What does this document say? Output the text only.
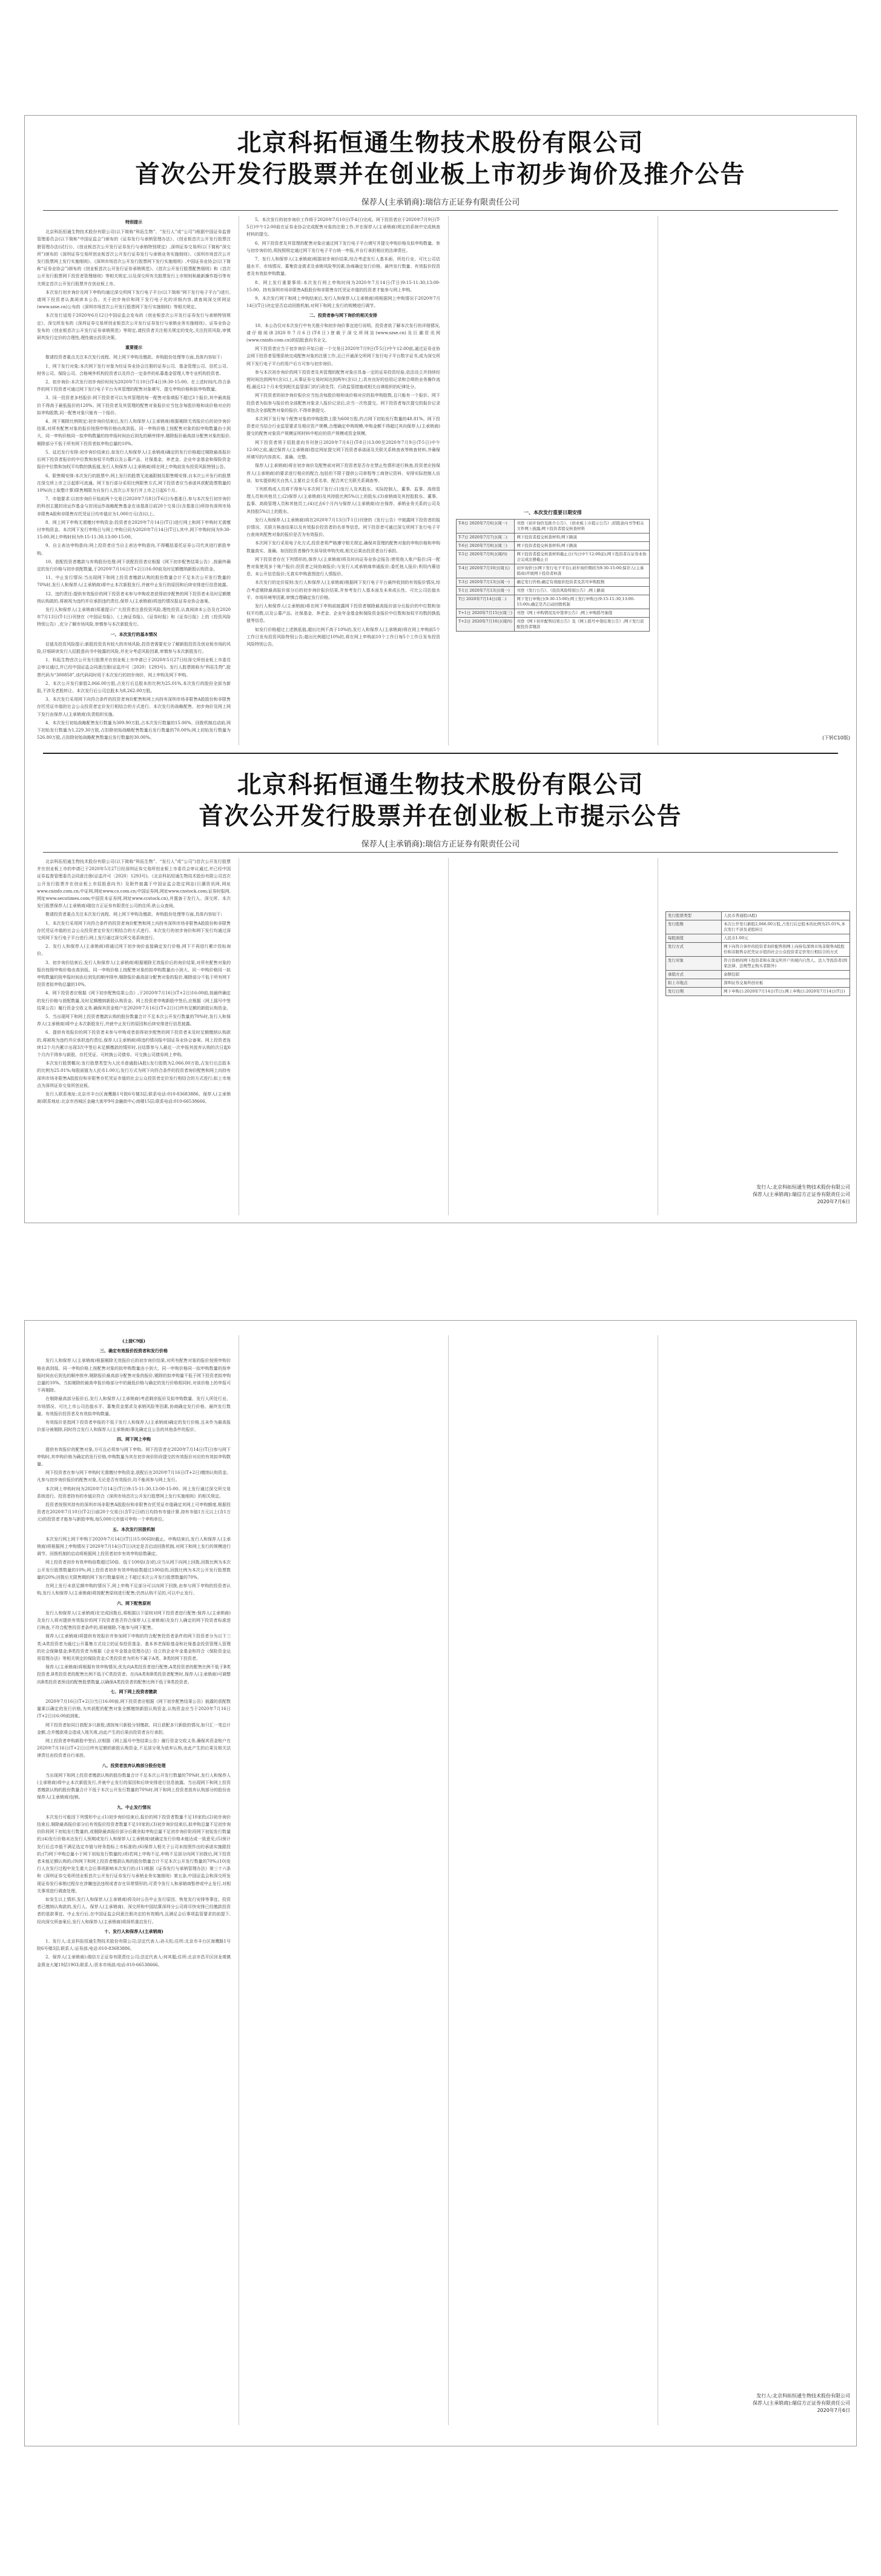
北京科拓恒通生物技术股份有限公司
首次公开发行股票并在创业板上市初步询价及推介公告
保荐人(主承销商):瑞信方正证券有限责任公司

特别提示

北京科拓恒通生物技术股份有限公司(以下简称“科拓生物”、“发行人”或“公司”)根据中国证券监督管理委员会(以下简称“中国证监会”)颁布的《证券发行与承销管理办法》、《创业板首次公开发行股票注册管理办法(试行)》、《创业板首次公开发行证券发行与承销特别规定》,深圳证券交易所(以下简称“深交所”)颁布的《深圳证券交易所创业板首次公开发行证券发行与承销业务实施细则》、《深圳市场首次公开发行股票网上发行实施细则》、《深圳市场首次公开发行股票网下发行实施细则》,中国证券业协会(以下简称“证券业协会”)颁布的《创业板首次公开发行证券承销规范》、《首次公开发行股票配售细则》和《首次公开发行股票网下投资者管理细则》等相关规定,以及深交所有关股票发行上市规则和最新操作指引等有关规定首次公开发行股票并在创业板上市。

本次发行初步询价及网下申购均通过深交所网下发行电子平台(以下简称“网下发行电子平台”)进行,请网下投资者认真阅读本公告。关于初步询价和网下发行电子化的详细内容,请查阅深交所网站(www.szse.cn)公布的《深圳市场首次公开发行股票网下发行实施细则》等相关规定。

本次发行适用于2020年6月12日中国证监会发布的《创业板首次公开发行证券发行与承销特别规定》、深交所发布的《深圳证券交易所创业板首次公开发行证券发行与承销业务实施细则》、证券业协会发布的《创业板首次公开发行证券承销规范》等规定,请投资者关注相关规定的变化,关注投资风险,审慎研判发行定价的合理性,理性做出投资决策。

重要提示

敬请投资者重点关注本次发行流程、网上网下申购及缴款、弃购股份处理等方面,具体内容如下:

1、网下发行对象:本次网下发行对象为经证券业协会注册的证券公司、基金管理公司、信托公司、财务公司、保险公司、合格境外机构投资者以及符合一定条件的私募基金管理人等专业机构投资者。

2、初步询价:本次发行初步询价时间为2020年7月10日(T-4日)9:30-15:00。在上述时间内,符合条件的网下投资者可通过网下发行电子平台为其管理的配售对象填写、提交申购价格和拟申购数量。

3、同一投资者多档报价:网下投资者可以为其管理的每一配售对象填报不超过3个报价,其中最高报价不得高于最低报价的120%。网下投资者及其管理的配售对象报价应当包含每股价格和该价格对应的拟申购股数,同一配售对象只能有一个报价。

4、网下剔除比例规定:初步询价结束后,发行人和保荐人(主承销商)根据剔除无效报价后的初步询价结果,对所有配售对象的报价按照申购价格由高到低、同一申购价格上按配售对象的拟申购数量由小到大、同一申购价格同一拟申购数量的按申报时间由后到先的顺序排序,剔除报价最高部分配售对象的报价,剔除部分不低于所有网下投资者拟申购总量的10%。

5、延迟发行安排:初步询价结束后,如发行人和保荐人(主承销商)确定的发行价格超过剔除最高报价后网下投资者报价的中位数和加权平均数以及公募产品、社保基金、养老金、企业年金基金和保险资金报价中位数和加权平均数的孰低值,发行人和保荐人(主承销商)将在网上申购前发布投资风险特别公告。

6、限售期安排:本次发行的股票中,网上发行的股票无流通限制及限售期安排,自本次公开发行的股票在深交所上市之日起即可流通。网下发行部分采用比例限售方式,网下投资者应当承诺其获配股票数量的10%(向上取整计算)限售期限为自发行人首次公开发行并上市之日起6个月。

7、市值要求:以初步询价开始前两个交易日2020年7月8日(T-6日)为基准日,参与本次发行初步询价的科创主题封闭运作基金与封闭运作战略配售基金在该基准日前20个交易日(含基准日)所持有深圳市场非限售A股和非限售存托凭证日均市值应为1,000万元(含)以上。

8、网上网下申购无需缴付申购资金:投资者在2020年7月14日(T日)进行网上和网下申购时无需缴付申购资金。本次网下发行申购日与网上申购日同为2020年7月14日(T日),其中,网下申购时间为9:30-15:00,网上申购时间为9:15-11:30,13:00-15:00。

9、自主表达申购意向:网上投资者应当自主表达申购意向,不得概括委托证券公司代其进行新股申购。

10、获配投资者缴款与弃购股份处理:网下获配投资者应根据《网下初步配售结果公告》,按最终确定的发行价格与初步获配数量,于2020年7月16日(T+2日)16:00前及时足额缴纳新股认购资金。

11、中止发行情况:当出现网下和网上投资者缴款认购的股份数量合计不足本次公开发行数量的70%时,发行人和保荐人(主承销商)将中止本次新股发行,并就中止发行的原因和后续安排进行信息披露。

12、违约责任:提供有效报价的网下投资者未参与申购或者获得初步配售的网下投资者未及时足额缴纳认购款的,将被视为违约并应承担违约责任,保荐人(主承销商)将违约情况报证券业协会备案。

发行人和保荐人(主承销商)郑重提示广大投资者注意投资风险,理性投资,认真阅读本公告及在2020年7月13日(T-1日)刊登在《中国证券报》、《上海证券报》、《证券时报》和《证券日报》上的《投资风险特别公告》,充分了解市场风险,审慎参与本次新股发行。

一、本次发行的基本情况

估值及投资风险提示:新股投资具有较大的市场风险,投资者需要充分了解新股投资及创业板市场的风险,仔细研读发行人招股意向书中披露的风险,并充分考虑风险因素,审慎参与本次新股发行。

1、科拓生物首次公开发行股票并在创业板上市申请已于2020年5月27日经深交所创业板上市委员会审议通过,并已经中国证监会同意注册(证监许可〔2020〕1293号)。发行人股票简称为“科拓生物”,股票代码为“300858”,该代码同时用于本次发行的初步询价、网上申购及网下申购。

2、本次公开发行新股2,066.00万股,占发行后总股本的比例为25.01%,本次发行的股份全部为新股,不涉及老股转让。本次发行后公司总股本为8,262.00万股。

3、本次发行采用网下向符合条件的投资者询价配售和网上向持有深圳市场非限售A股股份和非限售存托凭证市值的社会公众投资者定价发行相结合的方式进行。本次发行的战略配售、初步询价及网上网下发行由保荐人(主承销商)负责组织实施。

4、本次发行初始战略配售发行数量为309.90万股,占本次发行数量的15.00%。回拨机制启动前,网下初始发行数量为1,229.30万股,占扣除初始战略配售数量后发行数量的70.00%;网上初始发行数量为526.80万股,占扣除初始战略配售数量后发行数量的30.00%。

5、本次发行的初步询价工作将于2020年7月10日(T-4日)完成。网下投资者应于2020年7月9日(T-5日)中午12:00前在证券业协会完成配售对象的注册工作,并在保荐人(主承销商)规定的系统中完成核查材料的提交。

6、网下投资者及其管理的配售对象应通过网下发行电子平台填写并提交申购价格及拟申购数量。参与初步询价的,须按照规定通过网下发行电子平台统一申报,并自行承担相应的法律责任。

7、发行人和保荐人(主承销商)根据初步询价结果,综合考虑发行人基本面、所处行业、可比公司估值水平、市场情况、募集资金需求及承销风险等因素,协商确定发行价格、最终发行数量、有效报价投资者及有效拟申购数量。

8、网上发行重要事项:本次发行网上申购时间为2020年7月14日(T日)9:15-11:30,13:00-15:00。持有深圳市场非限售A股股份和非限售存托凭证市值的投资者才能参与网上申购。

9、本次发行网下和网上申购结束后,发行人和保荐人(主承销商)将根据网上申购情况于2020年7月14日(T日)决定是否启动回拨机制,对网下和网上发行的规模进行调节。

二、投资者参与网下询价的相关安排

10、本公告仅对本次发行中有关推介和初步询价事宜进行说明。投资者欲了解本次发行的详细情况,请仔细阅读2020年7月6日(T-8日)登载于深交所网站(www.szse.cn)及巨潮资讯网(www.cninfo.com.cn)的招股意向书全文。

网下投资者应当于初步询价开始日前一个交易日2020年7月9日(T-5日)中午12:00前,通过证券业协会网下投资者管理系统完成配售对象的注册工作,且已开通深交所网下发行电子平台数字证书,成为深交所网下发行电子平台的用户后方可参与初步询价。

参与本次初步询价的网下投资者及其管理的配售对象应具备一定的证券投资经验,依法设立并持续经营时间达到两年(含)以上,从事证券交易时间达到两年(含)以上;具有良好的信用记录和合规的业务操作流程,最近12个月未受到相关监管部门的行政处罚、行政监管措施或相关自律组织的纪律处分。

网下投资者的初步询价报价应当包含每股价格和该价格对应的拟申购股数,且只能有一个报价。网下投资者为拟参与报价的全部配售对象录入报价记录后,应当一次性提交。网下投资者每次提交的报价记录须包含全部配售对象的报价,不得单独提交。

本次网下发行每个配售对象的申购股数上限为600万股,约占网下初始发行数量的48.81%。网下投资者应当结合行业监管要求及相应资产规模,合理确定申购规模,申购金额不得超过其向保荐人(主承销商)提交的配售对象资产规模证明材料中相应的资产规模或资金规模。

网下投资者须于招股意向书刊登日2020年7月6日(T-8日)13:00至2020年7月9日(T-5日)中午12:00之前,通过保荐人(主承销商)指定网址提交网下投资者承诺函及关联关系核查表等核查材料,并确保所填写的内容真实、准确、完整。

保荐人(主承销商)将在初步询价及配售前对网下投资者是否存在禁止性情形进行核查,投资者应按保荐人(主承销商)的要求进行相应的配合,包括但不限于提供公司章程等工商登记资料、安排实际控制人访谈、如实提供相关自然人主要社会关系名单、配合其它关联关系调查等。

下列机构或人员将不得参与本次网下发行:(1)发行人及其股东、实际控制人、董事、监事、高级管理人员和其他员工;(2)保荐人(主承销商)及其持股比例5%以上的股东;(3)承销商及其控股股东、董事、监事、高级管理人员和其他员工;(4)过去6个月内与保荐人(主承销商)存在保荐、承销业务关系的公司及其持股5%以上的股东。

发行人和保荐人(主承销商)将在2020年7月13日(T-1日)刊登的《发行公告》中披露网下投资者的报价情况、关联方核查结果以及有效报价投资者的名单等信息。网下投资者可通过深交所网下发行电子平台查询其配售对象的报价是否为有效报价。

本次网下发行采用电子化方式,投资者须严格遵守相关规定,确保其管理的配售对象的申购价格和申购数量真实、准确。如因投资者操作失误导致申购失败,相关后果由投资者自行承担。

网下投资者存在下列情形的,保荐人(主承销商)将及时向证券业协会报告:使用他人账户报价;同一配售对象使用多个账户报价;投资者之间协商报价;与发行人或承销商串通报价;委托他人报价;利用内幕信息、未公开信息报价;无真实申购意图进行人情报价。

本次发行的定价原则:发行人和保荐人(主承销商)根据网下发行电子平台最终收到的有效报价情况,综合考虑剔除最高报价部分后的初步询价报价结果,并参考发行人基本面及未来成长性、可比公司估值水平、市场环境等因素,审慎合理确定发行价格。

发行人和保荐人(主承销商)将在网下申购前披露网下投资者剔除最高报价部分后报价的中位数和加权平均数,以及公募产品、社保基金、养老金、企业年金基金和保险资金报价中位数和加权平均数的孰低值等信息。

如发行价格超过上述孰低值,超出比例不高于10%的,发行人和保荐人(主承销商)将在网上申购前5个工作日发布投资风险特别公告;超出比例超过10%的,将在网上申购前10个工作日每5个工作日发布投资风险特别公告。

一、本次发行重要日期安排
T-8日 2020年7月6日(周一)	刊登《初步询价及推介公告》、《创业板上市提示公告》;招股意向书等相关文件网上披露;网下投资者提交核查材料
T-7日 2020年7月7日(周二)	网下投资者提交核查材料;网下路演
T-6日 2020年7月8日(周三)	网下投资者提交核查材料;网下路演
T-5日 2020年7月9日(周四)	网下投资者提交核查材料截止日(当日中午12:00前);网下投资者在证券业协会完成注册截止日
T-4日 2020年7月10日(周五)	初步询价日(网下发行电子平台),初步询价期间为9:30-15:00;保荐人(主承销商)开展网下投资者核查
T-3日 2020年7月13日(周一)	确定发行价格;确定有效报价投资者及其可申购股数
T-1日 2020年7月13日(周一)	刊登《发行公告》、《投资风险特别公告》;网上路演
T日 2020年7月14日(周二)	网下发行申购日(9:30-15:00);网上发行申购日(9:15-11:30,13:00-15:00);确定是否启动回拨机制
T+1日 2020年7月15日(周三)	刊登《网上申购情况及中签率公告》;网上申购摇号抽签
T+2日 2020年7月16日(周四)	刊登《网下初步配售结果公告》及《网上摇号中签结果公告》;网下发行获配投资者缴款
(下转C10版)
北京科拓恒通生物技术股份有限公司
首次公开发行股票并在创业板上市提示公告
保荐人(主承销商):瑞信方正证券有限责任公司

北京科拓恒通生物技术股份有限公司(以下简称“科拓生物”、“发行人”或“公司”)首次公开发行股票并在创业板上市的申请已于2020年5月27日经深圳证券交易所创业板上市委员会审议通过,并已经中国证券监督管理委员会同意注册(证监许可〔2020〕1293号)。《北京科拓恒通生物技术股份有限公司首次公开发行股票并在创业板上市招股意向书》及附件披露于中国证监会指定网站(巨潮资讯网,网址www.cninfo.com.cn;中证网,网址www.cs.com.cn;中国证券网,网址www.cnstock.com;证券时报网,网址www.secutimes.com;中国资本证券网,网址www.ccstock.cn),并置备于发行人、深交所、本次发行股票保荐人(主承销商)瑞信方正证券有限责任公司的住所,供公众查阅。

敬请投资者重点关注本次发行流程、网上网下申购及缴款、弃购股份处理等方面,具体内容如下:

1、本次发行采用网下向符合条件的投资者询价配售和网上向持有深圳市场非限售A股股份和非限售存托凭证市值的社会公众投资者定价发行相结合的方式进行。本次发行的初步询价和网下发行均通过深交所网下发行电子平台进行;网上发行通过深交所交易系统进行。

2、发行人和保荐人(主承销商)将通过网下初步询价直接确定发行价格,网下不再进行累计投标询价。

3、初步询价结束后,发行人和保荐人(主承销商)根据剔除无效报价后的询价结果,对所有配售对象的报价按照申购价格由高到低、同一申购价格上按配售对象的拟申购数量由小到大、同一申购价格同一拟申购数量的按申报时间由后到先的顺序排序,剔除报价最高部分配售对象的报价,剔除部分不低于所有网下投资者拟申购总量的10%。

4、网下投资者应根据《网下初步配售结果公告》,于2020年7月16日(T+2日)16:00前,按最终确定的发行价格与获配数量,及时足额缴纳新股认购资金。网上投资者申购新股中签后,应根据《网上摇号中签结果公告》履行资金交收义务,确保其资金账户在2020年7月16日(T+2日)日终有足额的新股认购资金。

5、当出现网下和网上投资者缴款认购的股份数量合计不足本次公开发行数量的70%时,发行人和保荐人(主承销商)将中止本次新股发行,并就中止发行的原因和后续安排进行信息披露。

6、提供有效报价的网下投资者未参与申购或者获得初步配售的网下投资者未及时足额缴纳认购款的,将被视为违约并应承担违约责任,保荐人(主承销商)将违约情况报中国证券业协会备案。网上投资者连续12个月内累计出现3次中签后未足额缴款的情形时,自结算参与人最近一次申报其放弃认购的次日起6个月内不得参与新股、存托凭证、可转换公司债券、可交换公司债券网上申购。

本次发行股票概况:发行股票类型为人民币普通股(A股);发行股数为2,066.00万股,占发行后总股本的比例为25.01%;每股面值为人民币1.00元;发行方式为网下向符合条件的投资者询价配售和网上向持有深圳市场非限售A股股份和非限售存托凭证市值的社会公众投资者定价发行相结合的方式进行;拟上市地点为深圳证券交易所创业板。

发行人联系地址:北京市丰台区海鹰路1号院6号楼3层;联系电话:010-83683886。保荐人(主承销商)联系地址:北京市西城区金融大街甲9号金融街中心南楼15层;联系电话:010-66538666。

发行股票类型	人民币普通股(A股)
发行股数	本次公开发行新股2,066.00万股,占发行后总股本的比例为25.01%,本次发行不涉及老股转让
每股面值	人民币1.00元
发行方式	网下向符合条件的投资者询价配售和网上向持有深圳市场非限售A股股份和非限售存托凭证市值的社会公众投资者定价发行相结合的方式
发行对象	符合资格的网下投资者和在深交所开户的境内自然人、法人等投资者(国家法律、法规禁止购买者除外)
承销方式	余额包销
拟上市地点	深圳证券交易所创业板
发行日期	网下申购日:2020年7月14日(T日);网上申购日:2020年7月14日(T日)
发行人:北京科拓恒通生物技术股份有限公司
保荐人(主承销商):瑞信方正证券有限责任公司
2020年7月6日

(上接C9版)

三、确定有效报价投资者和发行价格

发行人和保荐人(主承销商)根据剔除无效报价后的初步询价结果,对所有配售对象的报价按照申购价格由高到低、同一申购价格上按配售对象的拟申购数量由小到大、同一申购价格同一拟申购数量的按申报时间由后到先的顺序排序,剔除报价最高部分配售对象的报价,剔除的拟申购量不低于网下投资者拟申购总量的10%。当拟剔除的最高申报价格部分中的最低价格与确定的发行价格相同时,对该价格上的申报可不再剔除。

在剔除最高部分报价后,发行人和保荐人(主承销商)考虑剩余报价及拟申购数量、发行人所处行业、市场情况、可比上市公司估值水平、募集资金需求及承销风险等因素,协商确定发行价格、最终发行数量、有效报价投资者及有效拟申购数量。

有效报价是指网下投资者申报的不低于发行人和保荐人(主承销商)确定的发行价格,且未作为最高报价部分被剔除,同时符合发行人和保荐人(主承销商)事先确定且公告的其他条件的报价。

四、网下网上申购

提供有效报价的配售对象,方可且必须参与网下申购。网下投资者在2020年7月14日(T日)参与网下申购时,其申购价格为确定的发行价格,申购数量为其在初步询价阶段提交的有效报价对应的有效拟申购数量。

网下投资者在参与网下申购时无需缴付申购资金,获配后在2020年7月16日(T+2日)缴纳认购资金。凡参与初步询价报价的配售对象,无论是否有效报价,均不能再参与网上发行。

本次网上申购时间为2020年7月14日(T日)9:15-11:30,13:00-15:00。网上发行通过深交所交易系统进行。投资者持有的市值应符合《深圳市场首次公开发行股票网上发行实施细则》的相关规定。

投资者按照其持有的深圳市场非限售A股股份和非限售存托凭证市值确定其网上可申购额度,根据投资者在2020年7月10日(T-2日)前20个交易日(含T-2日)的日均持有市值计算,持有市值1万元以上(含1万元)的投资者才能参与新股申购,每5,000元市值可申购一个申购单位。

五、本次发行回拨机制

本次发行网上网下申购于2020年7月14日(T日)15:00同时截止。申购结束后,发行人和保荐人(主承销商)将根据网上申购情况于2020年7月14日(T日)决定是否启动回拨机制,对网下和网上发行的规模进行调节。回拨机制的启动将根据网上投资者初步有效申购倍数确定。

网上投资者初步有效申购倍数超过50倍、低于100倍(含)的,应当从网下向网上回拨,回拨比例为本次公开发行股票数量的10%;网上投资者初步有效申购倍数超过100倍的,回拨比例为本次公开发行股票数量的20%;回拨后无限售期的网下发行数量原则上不超过本次公开发行股票数量的70%。

在网上发行未获足额申购的情况下,网上申购不足部分可以向网下回拨,由参与网下申购的投资者认购,发行人和保荐人(主承销商)将按配售原则进行配售;仍然认购不足的,可以中止发行。

六、网下配售原则

发行人和保荐人(主承销商)在完成回拨后,将根据以下原则对网下投资者进行配售:保荐人(主承销商)及发行人将对提供有效报价的网下投资者是否符合保荐人(主承销商)及发行人确定的网下投资者标准进行核查,不符合配售投资者条件的,将被剔除,不能参与网下配售。

保荐人(主承销商)将提供有效报价并参加网下申购的符合配售投资者条件的网下投资者分为以下三类:A类投资者为通过公开募集方式设立的证券投资基金、基本养老保险基金和社保基金投资管理人管理的社会保障基金;B类投资者为根据《企业年金基金管理办法》设立的企业年金基金和符合《保险资金运用管理办法》等相关规定的保险资金;C类投资者为所有不属于A类、B类的网下投资者。

保荐人(主承销商)将根据有效申购情况,优先向A类投资者进行配售,A类投资者的配售比例不低于B类投资者,B类投资者的配售比例不低于C类投资者。在向A类和B类投资者配售时,保荐人(主承销商)可调整向B类投资者预设的配售股票数量,以确保A类投资者的配售比例不低于B类投资者。

七、网下网上投资者缴款

2020年7月16日(T+2日)当日16:00前,网下投资者应根据《网下初步配售结果公告》披露的获配数量乘以确定的发行价格,为其获配的配售对象全额缴纳新股认购资金,认购资金应当于2020年7月16日(T+2日)16:00前到账。

网下投资者如同日获配多只新股,请按每只新股分别缴款。同日获配多只新股的情况,如只汇一笔总计金额,合并缴款将会造成入账失败,由此产生的后果由投资者自行承担。

网上投资者申购新股中签后,应根据《网上摇号中签结果公告》履行资金交收义务,确保其资金账户在2020年7月16日(T+2日)日终有足额的新股认购资金,不足部分视为放弃认购,由此产生的后果及相关法律责任由投资者自行承担。

八、投资者放弃认购部分股份处理

当出现网下和网上投资者缴款认购的股份数量合计不足本次公开发行数量的70%时,发行人和保荐人(主承销商)将中止本次新股发行,并就中止发行的原因和后续安排进行信息披露。当出现网下和网上投资者缴款认购的股份数量合计不低于本次公开发行数量的70%时,网下和网上投资者放弃认购部分的股份由保荐人(主承销商)包销。

九、中止发行情况

本次发行可能因下列情形中止:(1)初步询价结束后,报价的网下投资者数量不足10家的;(2)初步询价结束后,剔除最高报价部分后有效报价投资者数量不足10家的;(3)初步询价结束后,拟申购总量不足初步询价阶段网下初始发行数量的,或剔除最高报价部分后剩余拟申购总量不足初步询价阶段网下初始发行数量的;(4)发行价格未达发行人预期或发行人和保荐人(主承销商)就确定发行价格未能达成一致意见;(5)预计发行后总市值不满足选定市值与财务指标上市标准的;(6)保荐人相关子公司未按照作出的承诺实施跟投的;(7)网下申购总量小于网下初始发行数量的;(8)若网上申购不足,申购不足部分向网下回拨后,网下投资者未能足额认购的;(9)网下和网上投资者缴款认购的股份数量合计不足本次公开发行数量的70%;(10)发行人在发行过程中发生重大会后事项影响本次发行的;(11)根据《证券发行与承销管理办法》第三十六条和《深圳证券交易所创业板首次公开发行证券发行与承销业务实施细则》第五条,中国证监会和深交所发现证券发行承销过程存在涉嫌违法违规或者存在异常情形的,可责令发行人和承销商暂停或中止发行,对相关事项进行调查处理。

如发生以上情形,发行人和保荐人(主承销商)将及时公告中止发行原因、恢复发行安排等事宜。投资者已缴纳认购款的,发行人、保荐人(主承销商)、深交所和中国结算深圳分公司将尽快安排已经缴款投资者的退款事宜。中止发行后,在中国证监会同意注册决定的有效期内,且满足会后事项监管要求的前提下,经向深交所备案后,发行人和保荐人(主承销商)将择机重启发行。

十、发行人和保荐人(主承销商)

1、发行人:北京科拓恒通生物技术股份有限公司;法定代表人:孙天松;住所:北京市丰台区海鹰路1号院6号楼3层;联系人:证券部;电话:010-83683886。

2、保荐人(主承销商):瑞信方正证券有限责任公司;法定代表人:何其聪;住所:北京市昌平区回龙观镇金燕龙大厦19层1903;联系人:资本市场部;电话:010-66538666。

发行人:北京科拓恒通生物技术股份有限公司
保荐人(主承销商):瑞信方正证券有限责任公司
2020年7月6日
